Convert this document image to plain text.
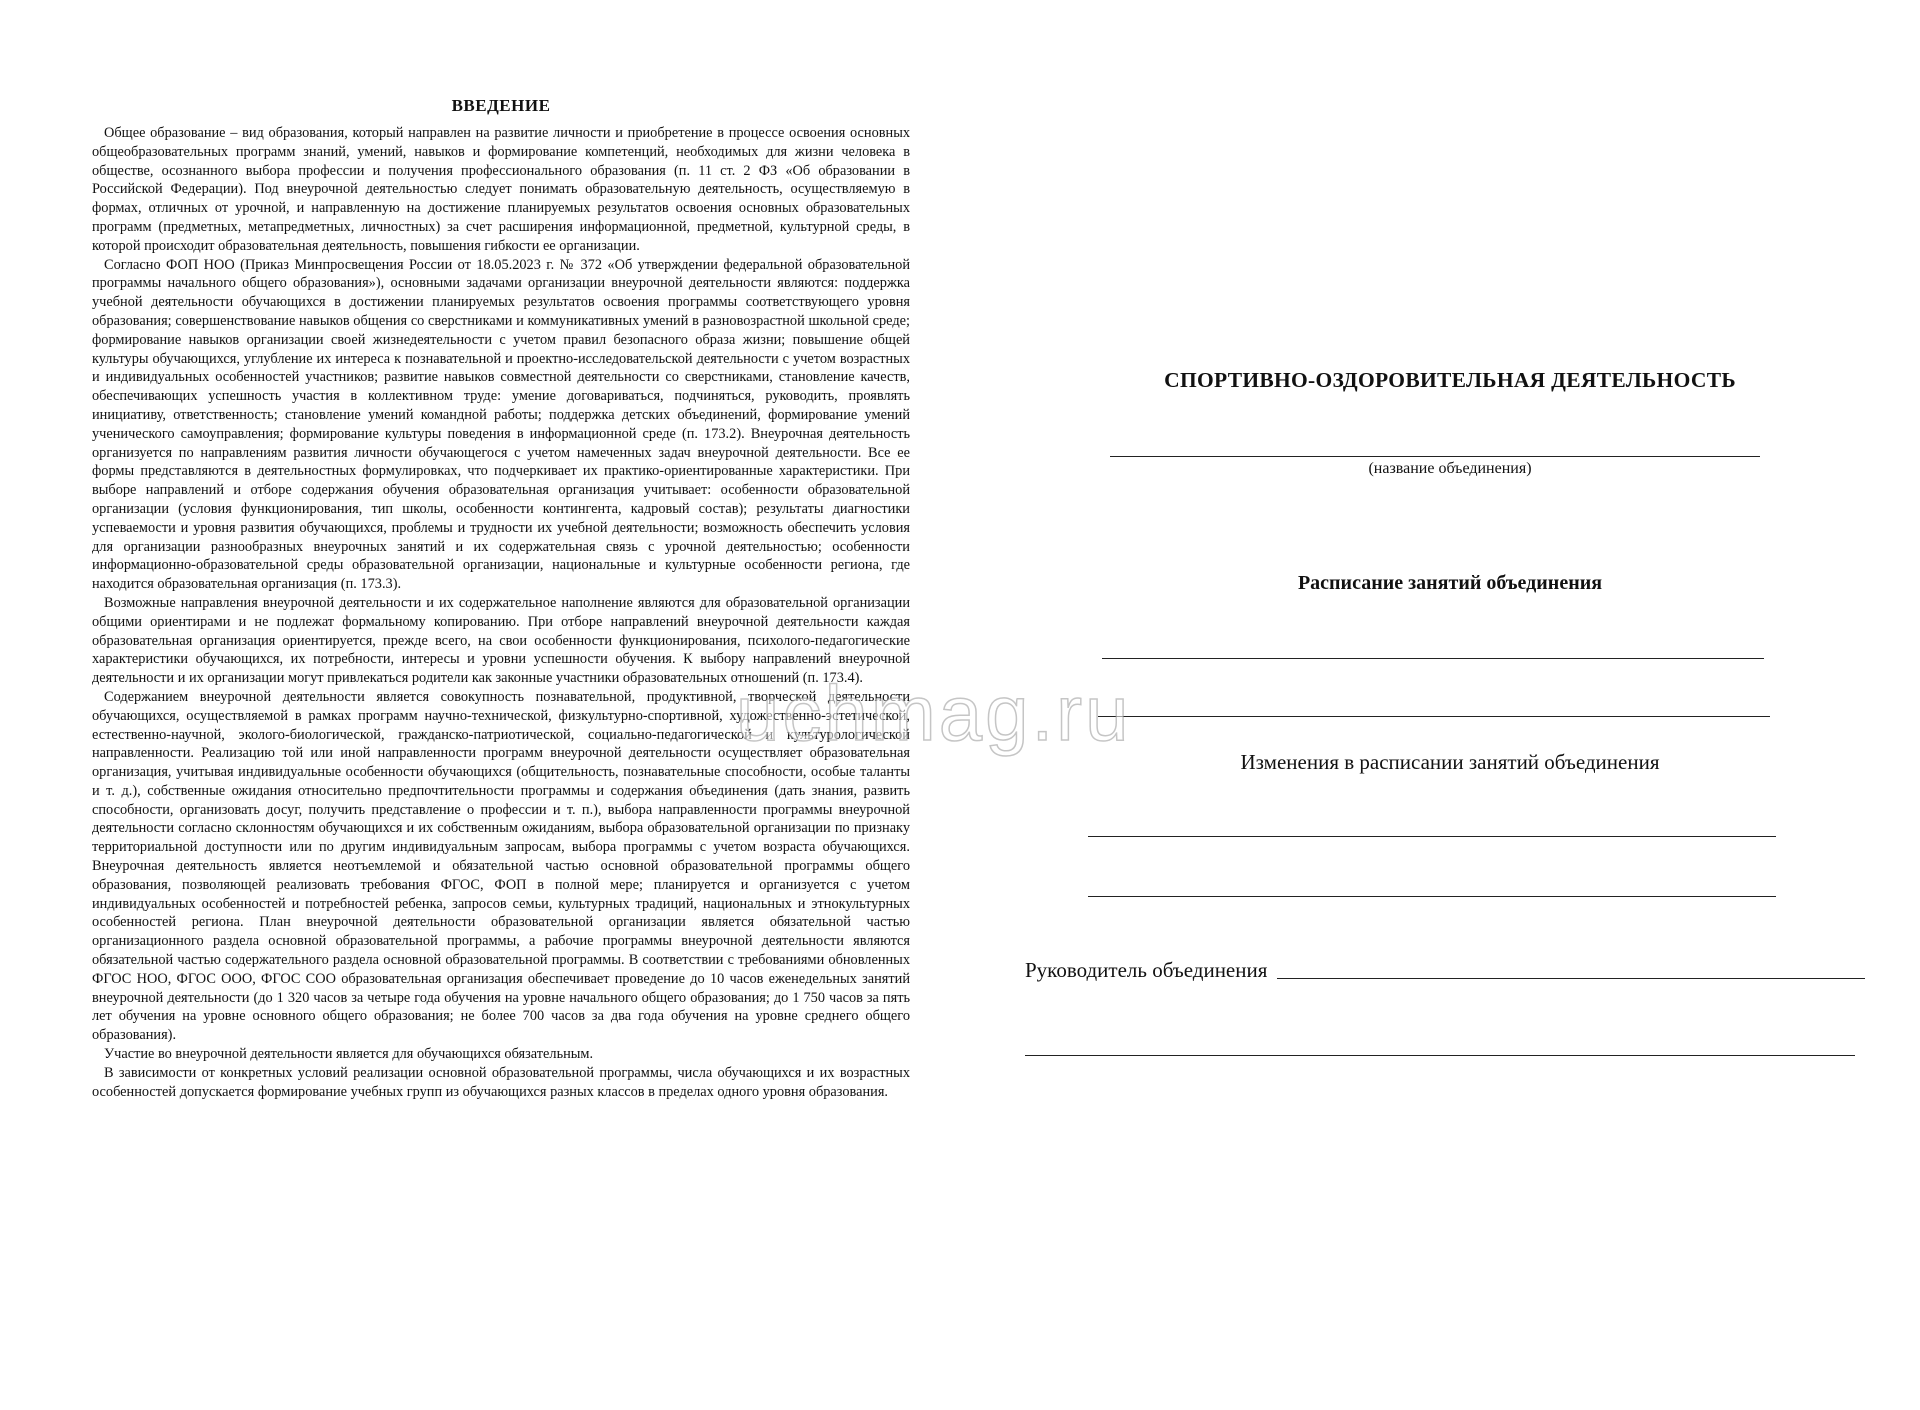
ВВЕДЕНИЕ

Общее образование – вид образования, который направлен на развитие личности и приобретение в процессе освоения основных общеобразовательных программ знаний, умений, навыков и формирование компетенций, необходимых для жизни человека в обществе, осознанного выбора профессии и получения профессионального образования (п. 11 ст. 2 ФЗ «Об образовании в Российской Федерации). Под внеурочной деятельностью следует понимать образовательную деятельность, осуществляемую в формах, отличных от урочной, и направленную на достижение планируемых результатов освоения основных образовательных программ (предметных, метапредметных, личностных) за счет расширения информационной, предметной, культурной среды, в которой происходит образовательная деятельность, повышения гибкости ее организации.

Согласно ФОП НОО (Приказ Минпросвещения России от 18.05.2023 г. № 372 «Об утверждении федеральной образовательной программы начального общего образования»), основными задачами организации внеурочной деятельности являются: поддержка учебной деятельности обучающихся в достижении планируемых результатов освоения программы соответствующего уровня образования; совершенствование навыков общения со сверстниками и коммуникативных умений в разновозрастной школьной среде; формирование навыков организации своей жизнедеятельности с учетом правил безопасного образа жизни; повышение общей культуры обучающихся, углубление их интереса к познавательной и проектно-исследовательской деятельности с учетом возрастных и индивидуальных особенностей участников; развитие навыков совместной деятельности со сверстниками, становление качеств, обеспечивающих успешность участия в коллективном труде: умение договариваться, подчиняться, руководить, проявлять инициативу, ответственность; становление умений командной работы; поддержка детских объединений, формирование умений ученического самоуправления; формирование культуры поведения в информационной среде (п. 173.2). Внеурочная деятельность организуется по направлениям развития личности обучающегося с учетом намеченных задач внеурочной деятельности. Все ее формы представляются в деятельностных формулировках, что подчеркивает их практико-ориентированные характеристики. При выборе направлений и отборе содержания обучения образовательная организация учитывает: особенности образовательной организации (условия функционирования, тип школы, особенности контингента, кадровый состав); результаты диагностики успеваемости и уровня развития обучающихся, проблемы и трудности их учебной деятельности; возможность обеспечить условия для организации разнообразных внеурочных занятий и их содержательная связь с урочной деятельностью; особенности информационно-образовательной среды образовательной организации, национальные и культурные особенности региона, где находится образовательная организация (п. 173.3).

Возможные направления внеурочной деятельности и их содержательное наполнение являются для образовательной организации общими ориентирами и не подлежат формальному копированию. При отборе направлений внеурочной деятельности каждая образовательная организация ориентируется, прежде всего, на свои особенности функционирования, психолого-педагогические характеристики обучающихся, их потребности, интересы и уровни успешности обучения. К выбору направлений внеурочной деятельности и их организации могут привлекаться родители как законные участники образовательных отношений (п. 173.4).

Содержанием внеурочной деятельности является совокупность познавательной, продуктивной, творческой деятельности обучающихся, осуществляемой в рамках программ научно-технической, физкультурно-спортивной, художественно-эстетической, естественно-научной, эколого-биологической, гражданско-патриотической, социально-педагогической и культурологической направленности. Реализацию той или иной направленности программ внеурочной деятельности осуществляет образовательная организация, учитывая индивидуальные особенности обучающихся (общительность, познавательные способности, особые таланты и т. д.), собственные ожидания относительно предпочтительности программы и содержания объединения (дать знания, развить способности, организовать досуг, получить представление о профессии и т. п.), выбора направленности программы внеурочной деятельности согласно склонностям обучающихся и их собственным ожиданиям, выбора образовательной организации по признаку территориальной доступности или по другим индивидуальным запросам, выбора программы с учетом возраста обучающихся. Внеурочная деятельность является неотъемлемой и обязательной частью основной образовательной программы общего образования, позволяющей реализовать требования ФГОС, ФОП в полной мере; планируется и организуется с учетом индивидуальных особенностей и потребностей ребенка, запросов семьи, культурных традиций, национальных и этнокультурных особенностей региона. План внеурочной деятельности образовательной организации является обязательной частью организационного раздела основной образовательной программы, а рабочие программы внеурочной деятельности являются обязательной частью содержательного раздела основной образовательной программы. В соответствии с требованиями обновленных ФГОС НОО, ФГОС ООО, ФГОС СОО образовательная организация обеспечивает проведение до 10 часов еженедельных занятий внеурочной деятельности (до 1 320 часов за четыре года обучения на уровне начального общего образования; до 1 750 часов за пять лет обучения на уровне основного общего образования; не более 700 часов за два года обучения на уровне среднего общего образования).

Участие во внеурочной деятельности является для обучающихся обязательным.

В зависимости от конкретных условий реализации основной образовательной программы, числа обучающихся и их возрастных особенностей допускается формирование учебных групп из обучающихся разных классов в пределах одного уровня образования.

СПОРТИВНО-ОЗДОРОВИТЕЛЬНАЯ ДЕЯТЕЛЬНОСТЬ
(название объединения)
Расписание занятий объединения
Изменения в расписании занятий объединения
Руководитель объединения
uchmag.ru
